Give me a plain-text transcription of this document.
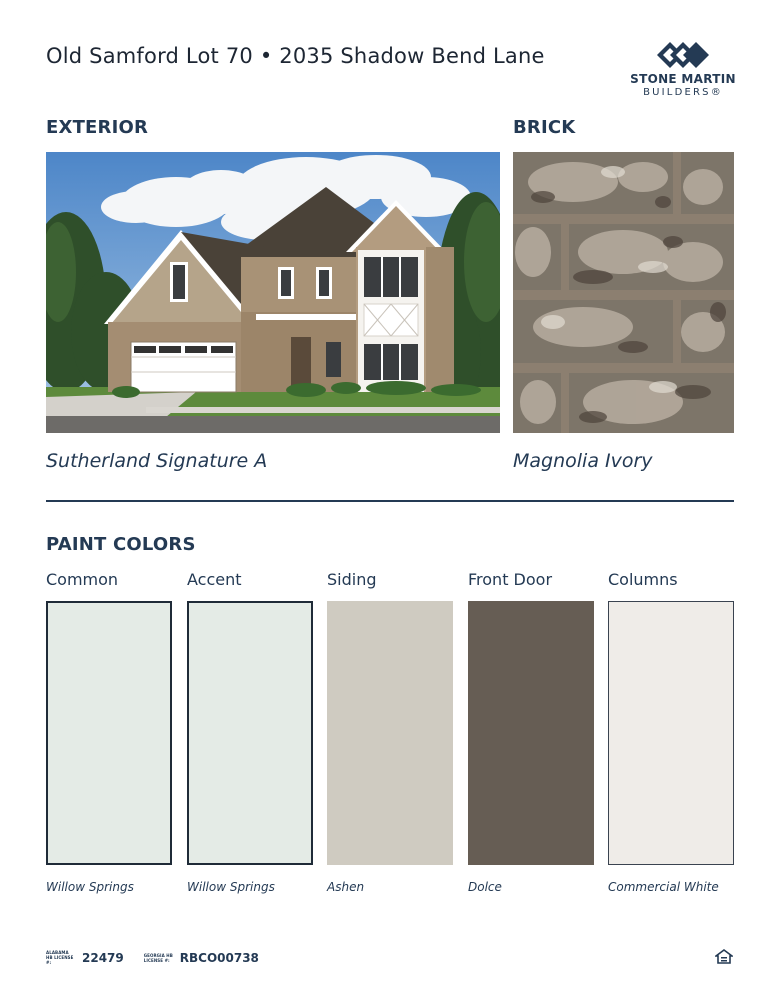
Old Samford Lot 70 • 2035 Shadow Bend Lane
STONE MARTIN
BUILDERS®
EXTERIOR	BRICK
Sutherland Signature A	Magnolia Ivory
PAINT COLORS
Common	Accent	Siding	Front Door	Columns
Willow Springs	Willow Springs	Ashen	Dolce	Commercial White
ALABAMA HB LICENSE #:	22479	GEORGIA HB LICENSE #: RBCO00738
